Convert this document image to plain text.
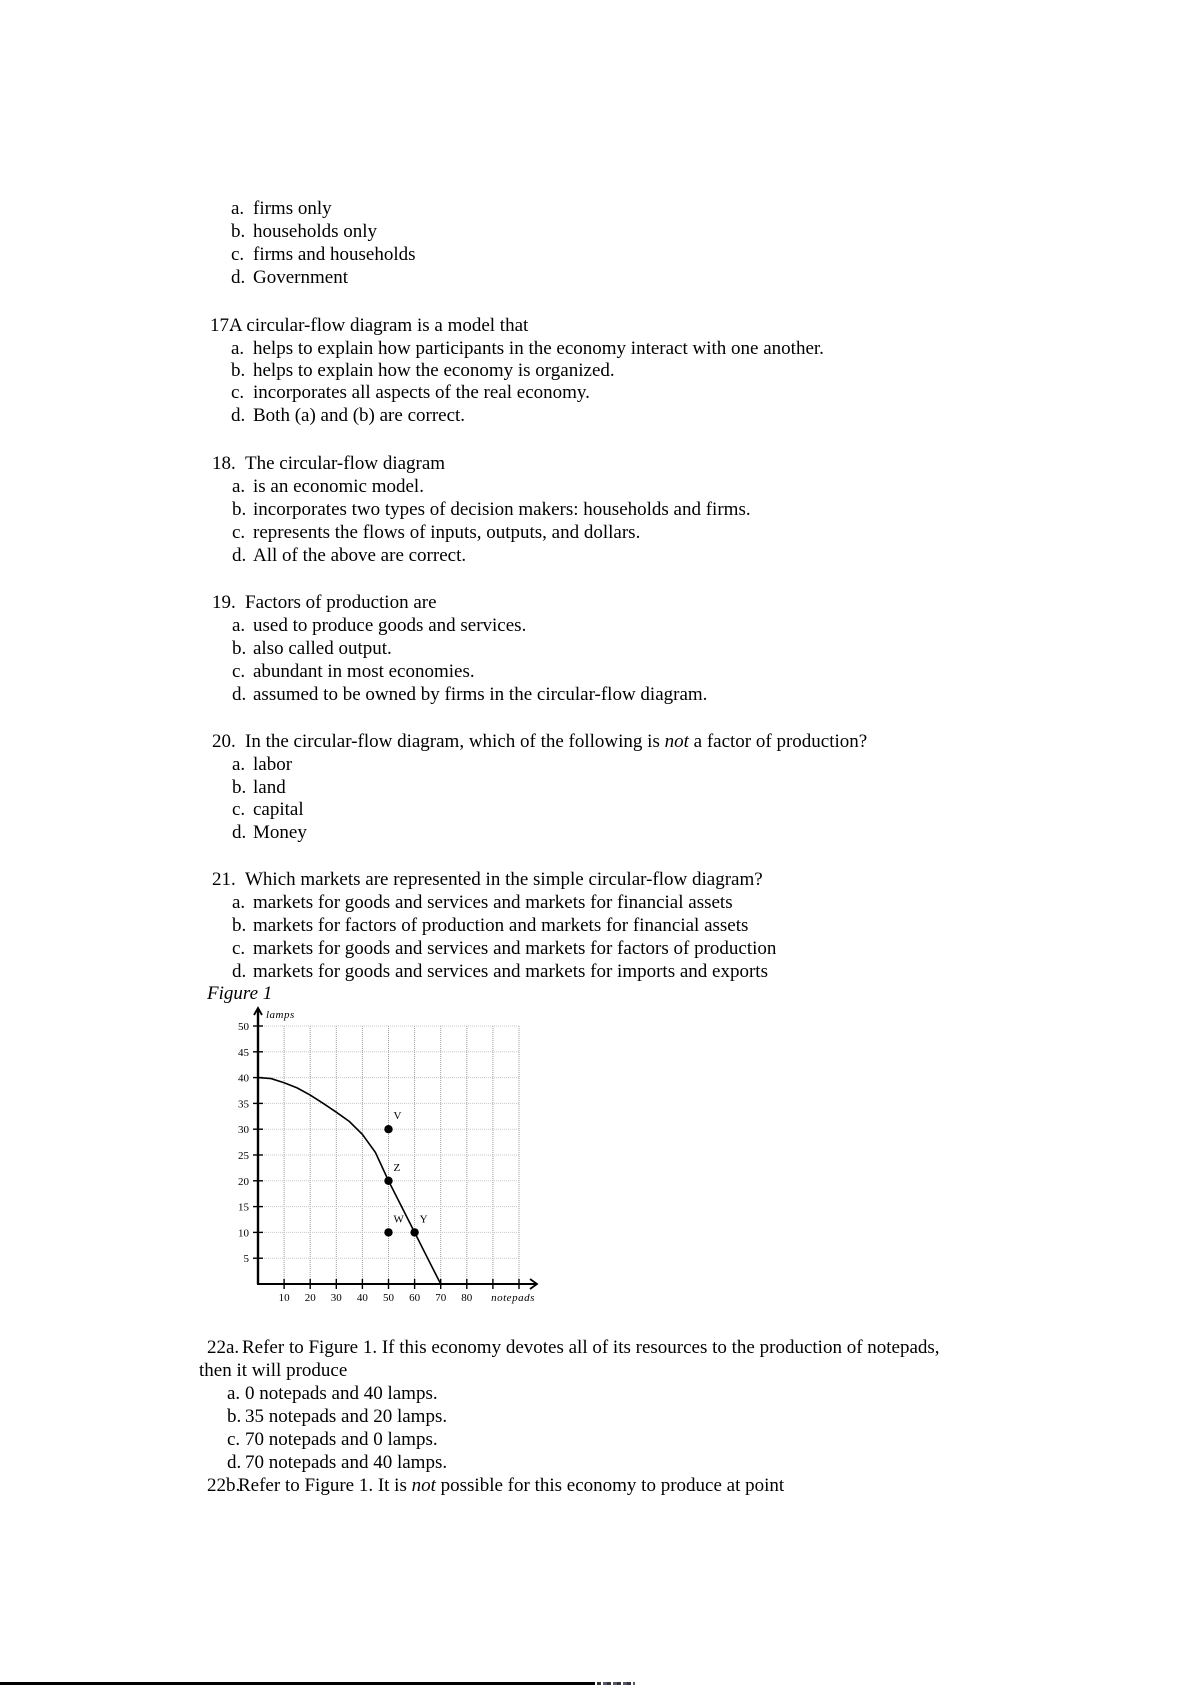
a. firms only
b. households only
c. firms and households
d. Government
17.
A circular-flow diagram is a model that
a. helps to explain how participants in the economy interact with one another.
b. helps to explain how the economy is organized.
c. incorporates all aspects of the real economy.
d. Both (a) and (b) are correct.
18. The circular-flow diagram
a. is an economic model.
b. incorporates two types of decision makers: households and firms.
c. represents the flows of inputs, outputs, and dollars.
d. All of the above are correct.
19. Factors of production are
a. used to produce goods and services.
b. also called output.
c. abundant in most economies.
d. assumed to be owned by firms in the circular-flow diagram.
20. In the circular-flow diagram, which of the following is not a factor of production?
a. labor
b. land
c. capital
d. Money
21. Which markets are represented in the simple circular-flow diagram?
a. markets for goods and services and markets for financial assets
b. markets for factors of production and markets for financial assets
c. markets for goods and services and markets for factors of production
d. markets for goods and services and markets for imports and exports
Figure 1
10 20 30 40 50 60 70 80
5
10
15
20
25
30
35
40
45
50
V
Z
W Y
lamps
notepads
22a. Refer to Figure 1. If this economy devotes all of its resources to the production of notepads,
then it will produce
a. 0 notepads and 40 lamps.
b. 35 notepads and 20 lamps.
c. 70 notepads and 0 lamps.
d. 70 notepads and 40 lamps.
22b.
Refer to Figure 1. It is not possible for this economy to produce at point
